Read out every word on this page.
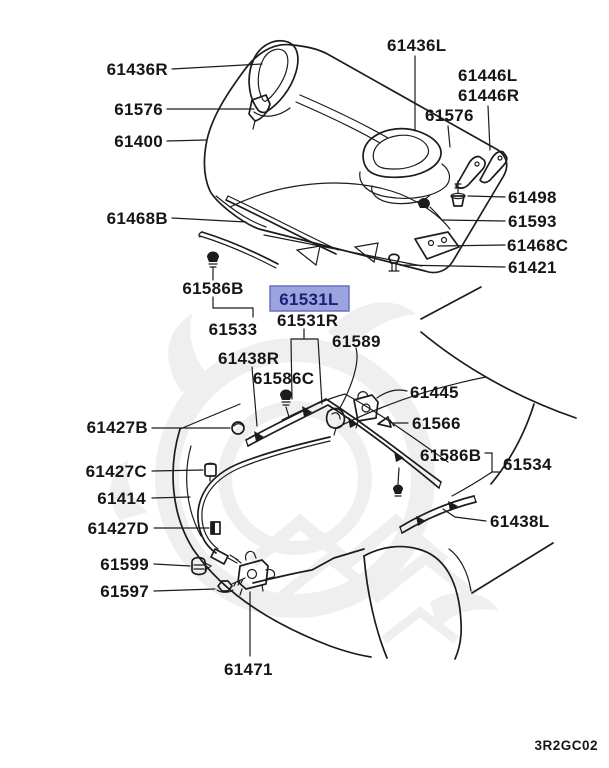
61436R
61576
61400
61436L
61446L
61446R
61576
61498
61593
61468C
61421
61468B
61586B
61533
61531L
61531R
61589
61438R
61586C
61445
61566
61586B 61534
61438L
61427B
61427C
61414
61427D
61599
61597
61471
3R2GC02
